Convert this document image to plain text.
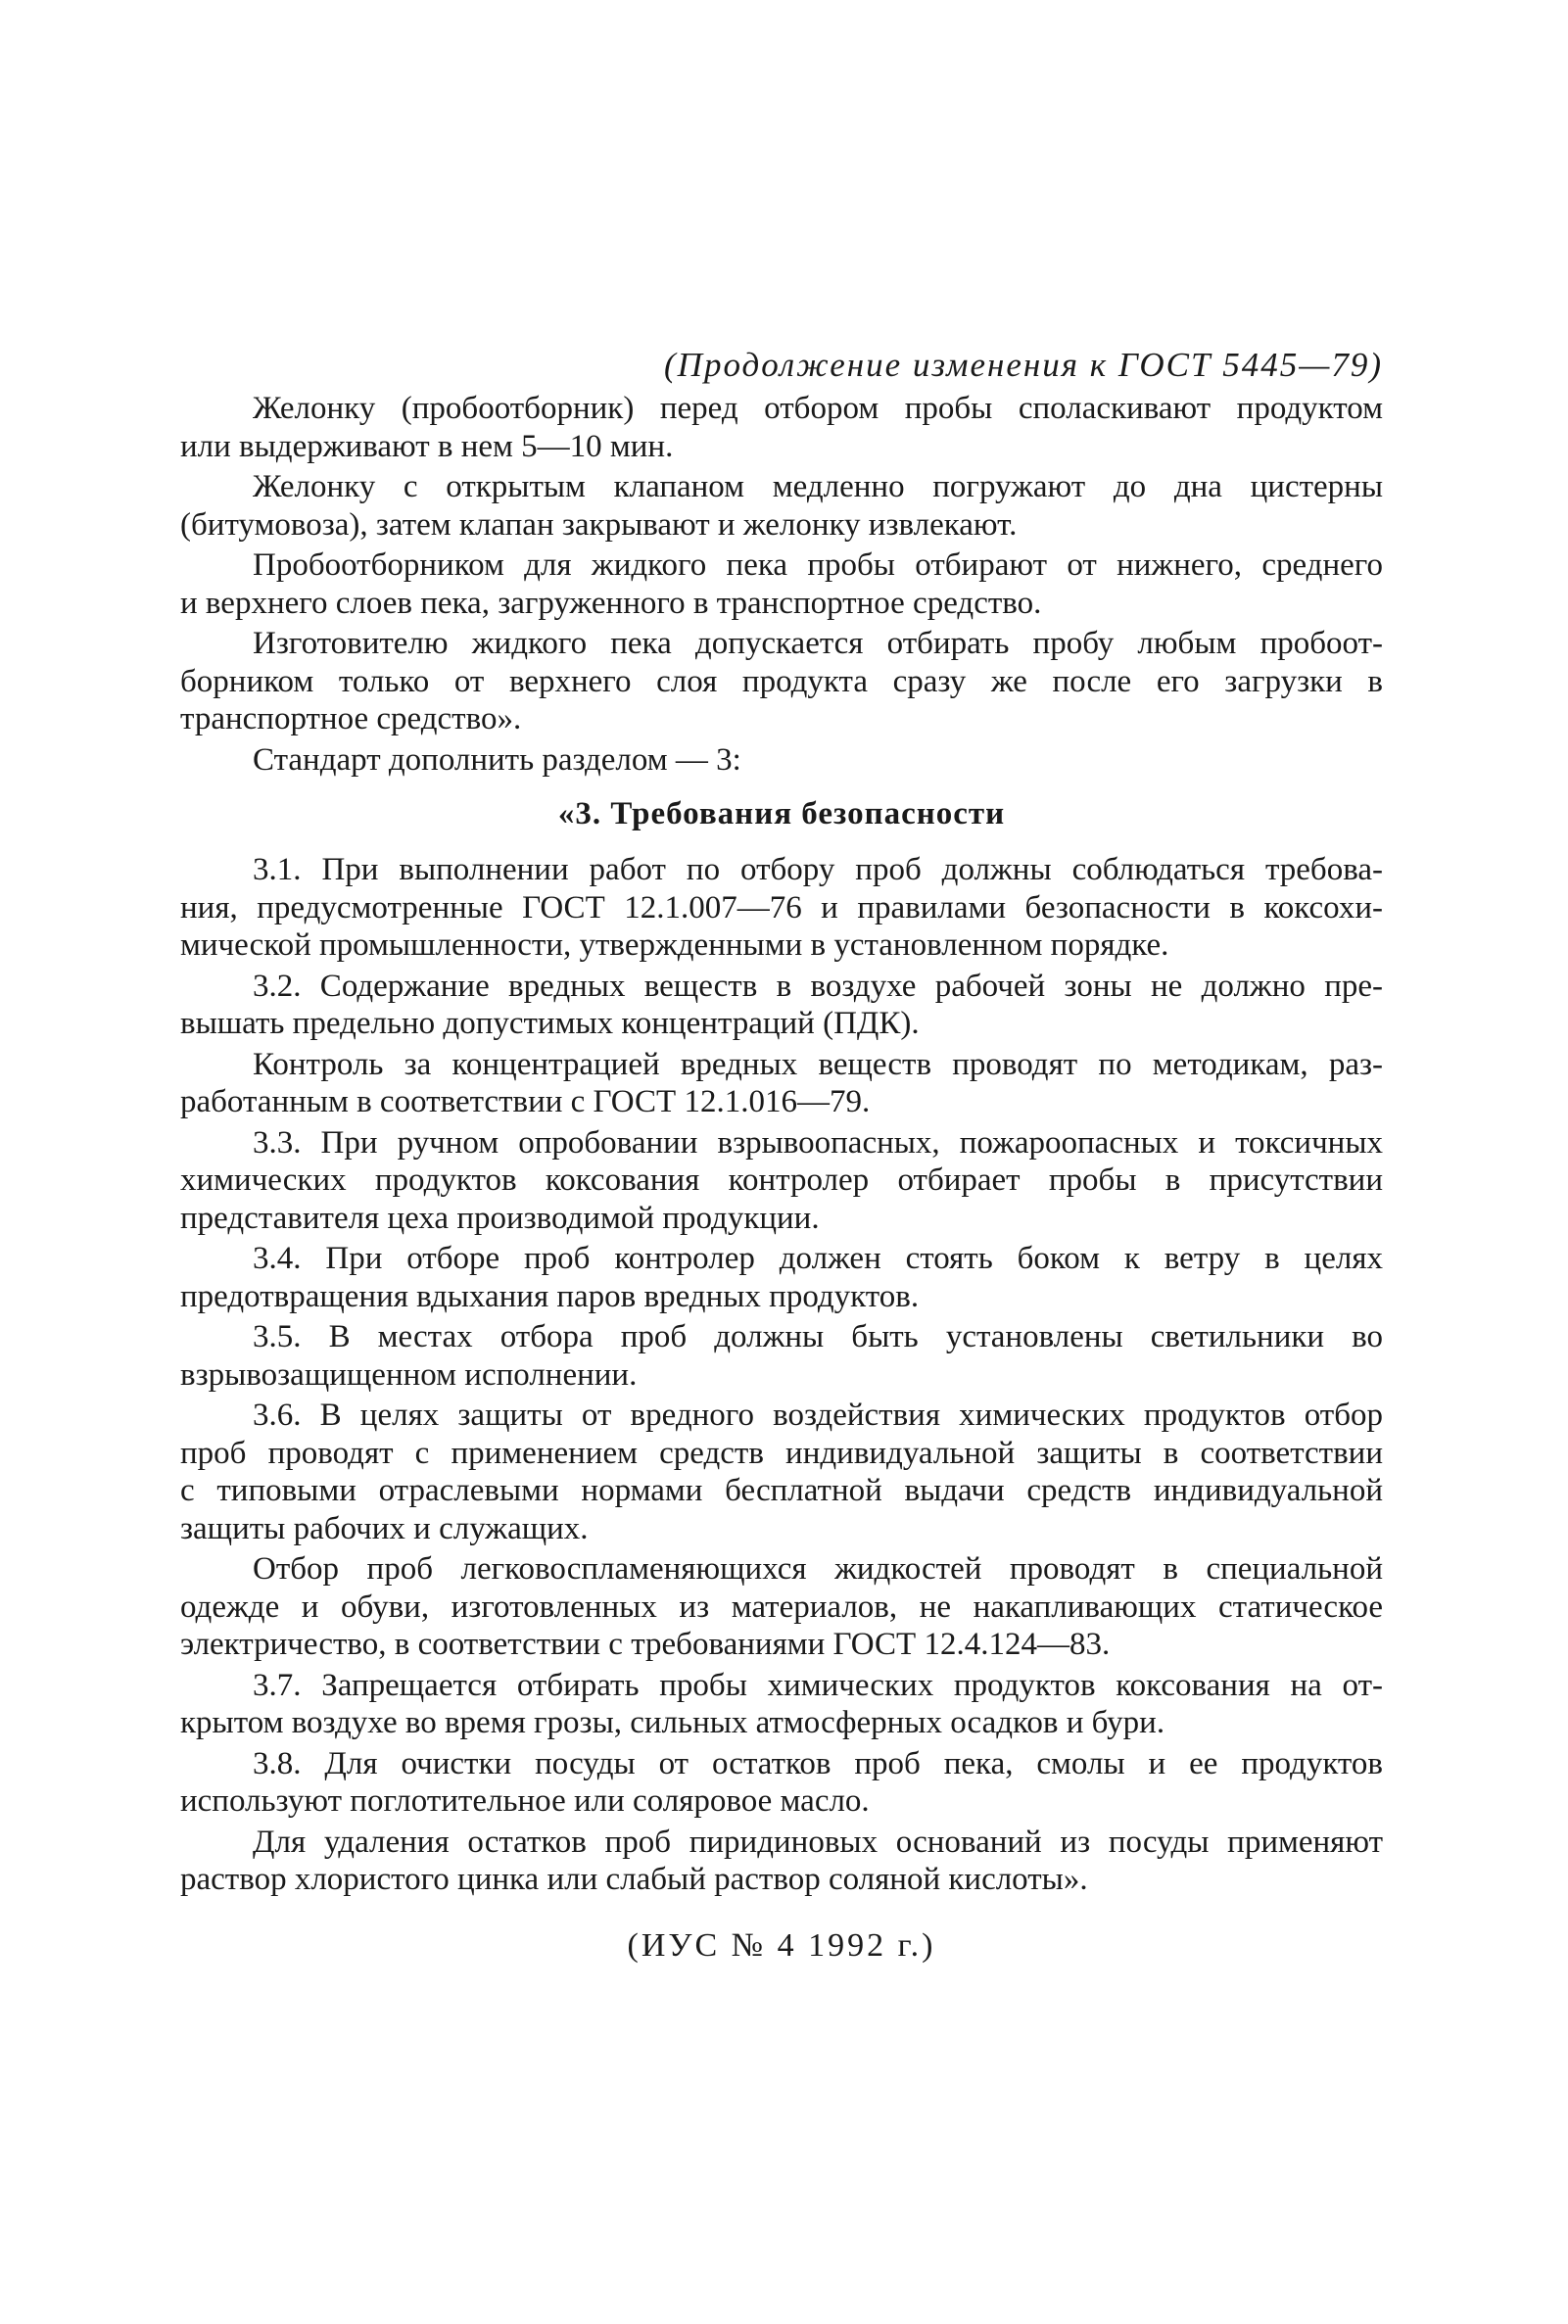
(Продолжение изменения к ГОСТ 5445—79)
Желонку (пробоотборник) перед отбором пробы споласкивают продуктом
или выдерживают в нем 5—10 мин.
Желонку с открытым клапаном медленно погружают до дна цистерны
(битумовоза), затем клапан закрывают и желонку извлекают.
Пробоотборником для жидкого пека пробы отбирают от нижнего, среднего
и верхнего слоев пека, загруженного в транспортное средство.
Изготовителю жидкого пека допускается отбирать пробу любым пробоот-
борником только от верхнего слоя продукта сразу же после его загрузки в
транспортное средство».
Стандарт дополнить разделом — 3:
«3. Требования безопасности
3.1. При выполнении работ по отбору проб должны соблюдаться требова-
ния, предусмотренные ГОСТ 12.1.007—76 и правилами безопасности в коксохи-
мической промышленности, утвержденными в установленном порядке.
3.2. Содержание вредных веществ в воздухе рабочей зоны не должно пре-
вышать предельно допустимых концентраций (ПДК).
Контроль за концентрацией вредных веществ проводят по методикам, раз-
работанным в соответствии с ГОСТ 12.1.016—79.
3.3. При ручном опробовании взрывоопасных, пожароопасных и токсичных
химических продуктов коксования контролер отбирает пробы в присутствии
представителя цеха производимой продукции.
3.4. При отборе проб контролер должен стоять боком к ветру в целях
предотвращения вдыхания паров вредных продуктов.
3.5. В местах отбора проб должны быть установлены светильники во
взрывозащищенном исполнении.
3.6. В целях защиты от вредного воздействия химических продуктов отбор
проб проводят с применением средств индивидуальной защиты в соответствии
с типовыми отраслевыми нормами бесплатной выдачи средств индивидуальной
защиты рабочих и служащих.
Отбор проб легковоспламеняющихся жидкостей проводят в специальной
одежде и обуви, изготовленных из материалов, не накапливающих статическое
электричество, в соответствии с требованиями ГОСТ 12.4.124—83.
3.7. Запрещается отбирать пробы химических продуктов коксования на от-
крытом воздухе во время грозы, сильных атмосферных осадков и бури.
3.8. Для очистки посуды от остатков проб пека, смолы и ее продуктов
используют поглотительное или соляровое масло.
Для удаления остатков проб пиридиновых оснований из посуды применяют
раствор хлористого цинка или слабый раствор соляной кислоты».
(ИУС № 4 1992 г.)
